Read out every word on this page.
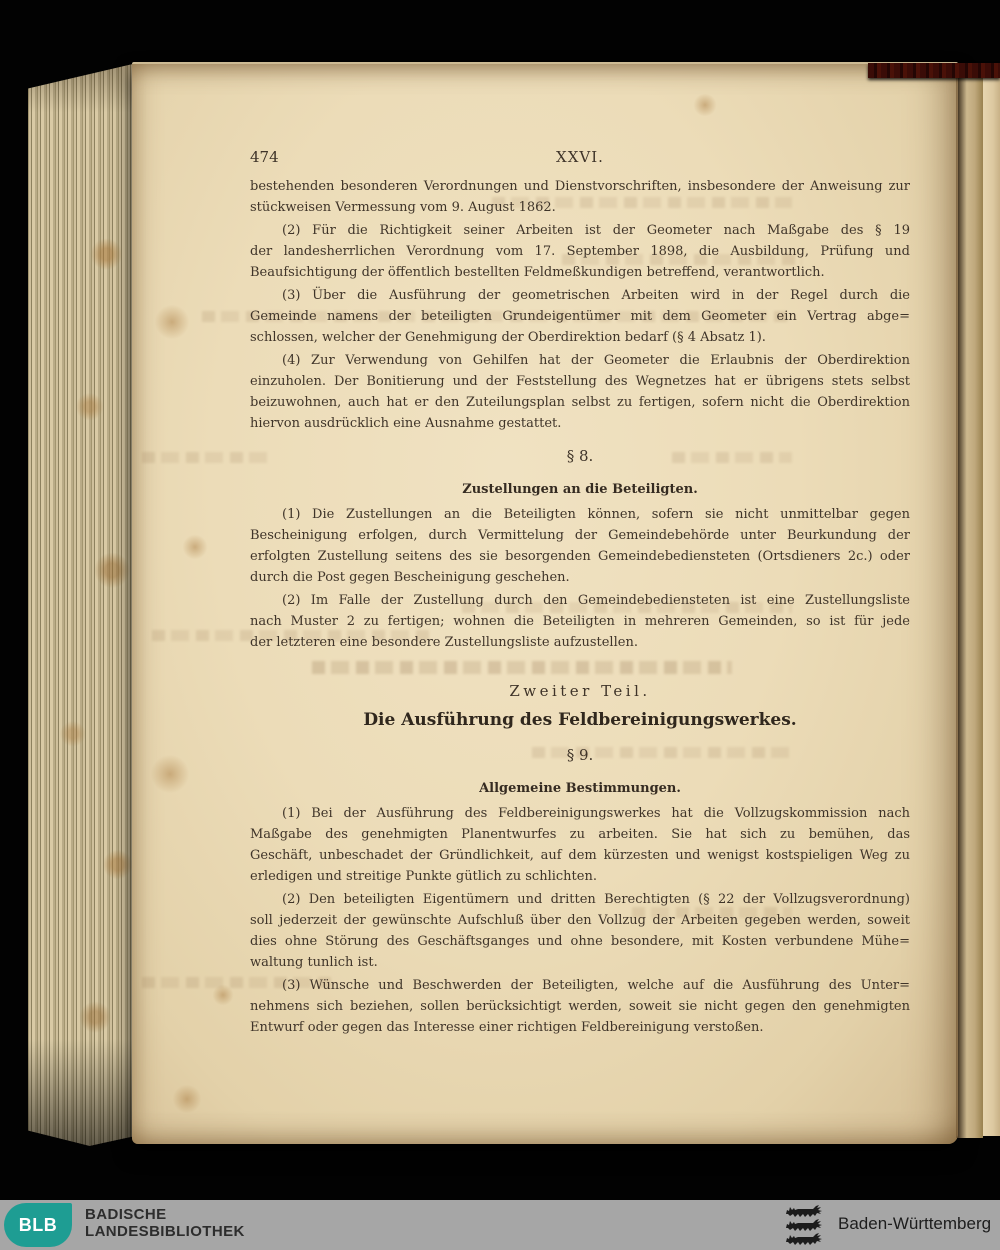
474	XXVI.
bestehenden besonderen Verordnungen und Dienstvorschriften, insbesondere der Anweisung zur
stückweisen Vermessung vom 9. August 1862.
(2) Für die Richtigkeit seiner Arbeiten ist der Geometer nach Maßgabe des § 19
der landesherrlichen Verordnung vom 17. September 1898, die Ausbildung, Prüfung und
Beaufsichtigung der öffentlich bestellten Feldmeßkundigen betreffend, verantwortlich.
(3) Über die Ausführung der geometrischen Arbeiten wird in der Regel durch die
Gemeinde namens der beteiligten Grundeigentümer mit dem Geometer ein Vertrag abge=
schlossen, welcher der Genehmigung der Oberdirektion bedarf (§ 4 Absatz 1).
(4) Zur Verwendung von Gehilfen hat der Geometer die Erlaubnis der Oberdirektion
einzuholen. Der Bonitierung und der Feststellung des Wegnetzes hat er übrigens stets selbst
beizuwohnen, auch hat er den Zuteilungsplan selbst zu fertigen, sofern nicht die Oberdirektion
hiervon ausdrücklich eine Ausnahme gestattet.
§ 8.
Zustellungen an die Beteiligten.
(1) Die Zustellungen an die Beteiligten können, sofern sie nicht unmittelbar gegen
Bescheinigung erfolgen, durch Vermittelung der Gemeindebehörde unter Beurkundung der
erfolgten Zustellung seitens des sie besorgenden Gemeindebediensteten (Ortsdieners 2c.) oder
durch die Post gegen Bescheinigung geschehen.
(2) Im Falle der Zustellung durch den Gemeindebediensteten ist eine Zustellungsliste
nach Muster 2 zu fertigen; wohnen die Beteiligten in mehreren Gemeinden, so ist für jede
der letzteren eine besondere Zustellungsliste aufzustellen.
Zweiter Teil.
Die Ausführung des Feldbereinigungswerkes.
§ 9.
Allgemeine Bestimmungen.
(1) Bei der Ausführung des Feldbereinigungswerkes hat die Vollzugskommission nach
Maßgabe des genehmigten Planentwurfes zu arbeiten. Sie hat sich zu bemühen, das
Geschäft, unbeschadet der Gründlichkeit, auf dem kürzesten und wenigst kostspieligen Weg zu
erledigen und streitige Punkte gütlich zu schlichten.
(2) Den beteiligten Eigentümern und dritten Berechtigten (§ 22 der Vollzugsverordnung)
soll jederzeit der gewünschte Aufschluß über den Vollzug der Arbeiten gegeben werden, soweit
dies ohne Störung des Geschäftsganges und ohne besondere, mit Kosten verbundene Mühe=
waltung tunlich ist.
(3) Wünsche und Beschwerden der Beteiligten, welche auf die Ausführung des Unter=
nehmens sich beziehen, sollen berücksichtigt werden, soweit sie nicht gegen den genehmigten
Entwurf oder gegen das Interesse einer richtigen Feldbereinigung verstoßen.
BLB BADISCHE
LANDESBIBLIOTHEK	Baden-Württemberg
